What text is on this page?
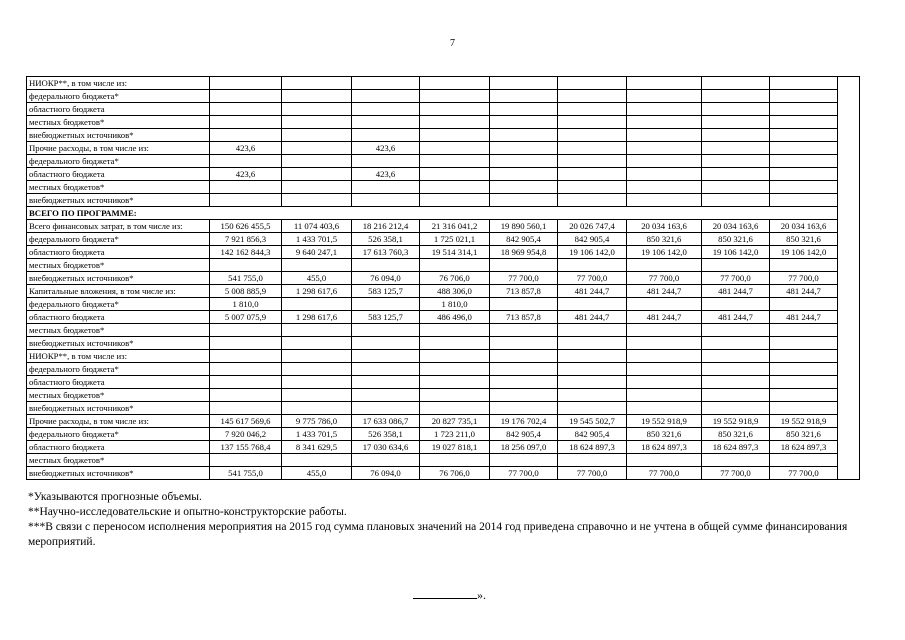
7
НИОКР**, в том числе из:										
федерального бюджета*										
областного бюджета										
местных бюджетов*										
внебюджетных источников*										
Прочие расходы, в том числе из:	423,6		423,6							
федерального бюджета*										
областного бюджета	423,6		423,6							
местных бюджетов*										
внебюджетных источников*										
ВСЕГО ПО ПРОГРАММЕ:										
Всего финансовых затрат, в том числе из:	150 626 455,5	11 074 403,6	18 216 212,4	21 316 041,2	19 890 560,1	20 026 747,4	20 034 163,6	20 034 163,6	20 034 163,6	
федерального бюджета*	7 921 856,3	1 433 701,5	526 358,1	1 725 021,1	842 905,4	842 905,4	850 321,6	850 321,6	850 321,6	
областного бюджета	142 162 844,3	9 640 247,1	17 613 760,3	19 514 314,1	18 969 954,8	19 106 142,0	19 106 142,0	19 106 142,0	19 106 142,0	
местных бюджетов*										
внебюджетных источников*	541 755,0	455,0	76 094,0	76 706,0	77 700,0	77 700,0	77 700,0	77 700,0	77 700,0	
Капитальные вложения, в том числе из:	5 008 885,9	1 298 617,6	583 125,7	488 306,0	713 857,8	481 244,7	481 244,7	481 244,7	481 244,7	
федерального бюджета*	1 810,0			1 810,0						
областного бюджета	5 007 075,9	1 298 617,6	583 125,7	486 496,0	713 857,8	481 244,7	481 244,7	481 244,7	481 244,7	
местных бюджетов*										
внебюджетных источников*										
НИОКР**, в том числе из:										
федерального бюджета*										
областного бюджета										
местных бюджетов*										
внебюджетных источников*										
Прочие расходы, в том числе из:	145 617 569,6	9 775 786,0	17 633 086,7	20 827 735,1	19 176 702,4	19 545 502,7	19 552 918,9	19 552 918,9	19 552 918,9	
федерального бюджета*	7 920 046,2	1 433 701,5	526 358,1	1 723 211,0	842 905,4	842 905,4	850 321,6	850 321,6	850 321,6	
областного бюджета	137 155 768,4	8 341 629,5	17 030 634,6	19 027 818,1	18 256 097,0	18 624 897,3	18 624 897,3	18 624 897,3	18 624 897,3	
местных бюджетов*										
внебюджетных источников*	541 755,0	455,0	76 094,0	76 706,0	77 700,0	77 700,0	77 700,0	77 700,0	77 700,0	

*Указываются прогнозные объемы.

**Научно-исследовательские и опытно-конструкторские работы.

***В связи с переносом исполнения мероприятия на 2015 год сумма плановых значений на 2014 год приведена справочно и не учтена в общей сумме финансирования мероприятий.

».
